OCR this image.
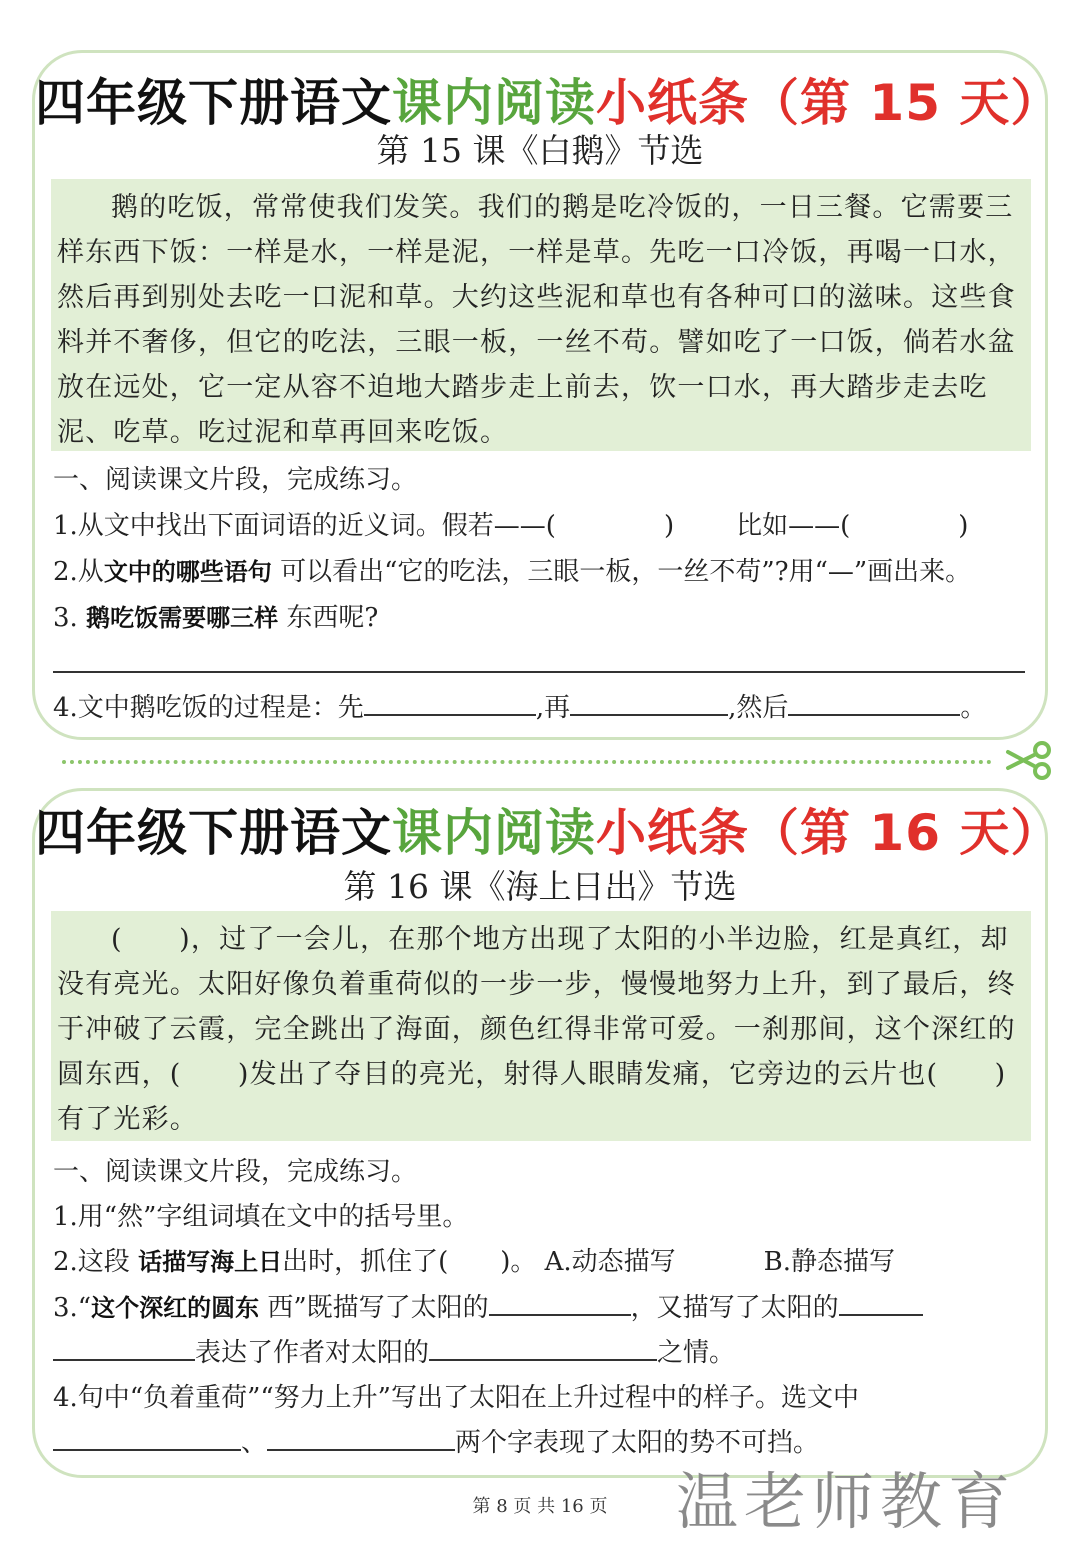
四年级下册语文课内阅读小纸条（第 15 天）
第 15 课《白鹅》节选
鹅的吃饭，常常使我们发笑。我们的鹅是吃冷饭的，一日三餐。它需要三样东西下饭：一样是水，一样是泥，一样是草。先吃一口冷饭，再喝一口水，然后再到别处去吃一口泥和草。大约这些泥和草也有各种可口的滋味。这些食料并不奢侈，但它的吃法，三眼一板，一丝不苟。譬如吃了一口饭，倘若水盆放在远处，它一定从容不迫地大踏步走上前去，饮一口水，再大踏步走去吃泥、吃草。吃过泥和草再回来吃饭。
一、阅读课文片段，完成练习。
1.从文中找出下面词语的近义词。假若——(	) 比如——(	)
2.从文中的哪些语句 可以看出“它的吃法，三眼一板，一丝不苟”?用“—”画出来。
3. 鹅吃饭需要哪三样 东西呢?
4.文中鹅吃饭的过程是：先	,再	,然后	。
四年级下册语文课内阅读小纸条（第 16 天）
第 16 课《海上日出》节选
(　　)，过了一会儿，在那个地方出现了太阳的小半边脸，红是真红，却没有亮光。太阳好像负着重荷似的一步一步，慢慢地努力上升，到了最后，终于冲破了云霞，完全跳出了海面，颜色红得非常可爱。一刹那间，这个深红的圆东西，(　　)发出了夺目的亮光，射得人眼睛发痛，它旁边的云片也(　　)有了光彩。
一、阅读课文片段，完成练习。
1.用“然”字组词填在文中的括号里。
2.这段 话描写海上日出时，抓住了(　　)。 A.动态描写	B.静态描写
3.“这个深红的圆东 西”既描写了太阳的	，又描写了太阳的
表达了作者对太阳的	之情。
4.句中“负着重荷”“努力上升”写出了太阳在上升过程中的样子。选文中
、	两个字表现了太阳的势不可挡。
第 8 页 共 16 页	温老师教育
